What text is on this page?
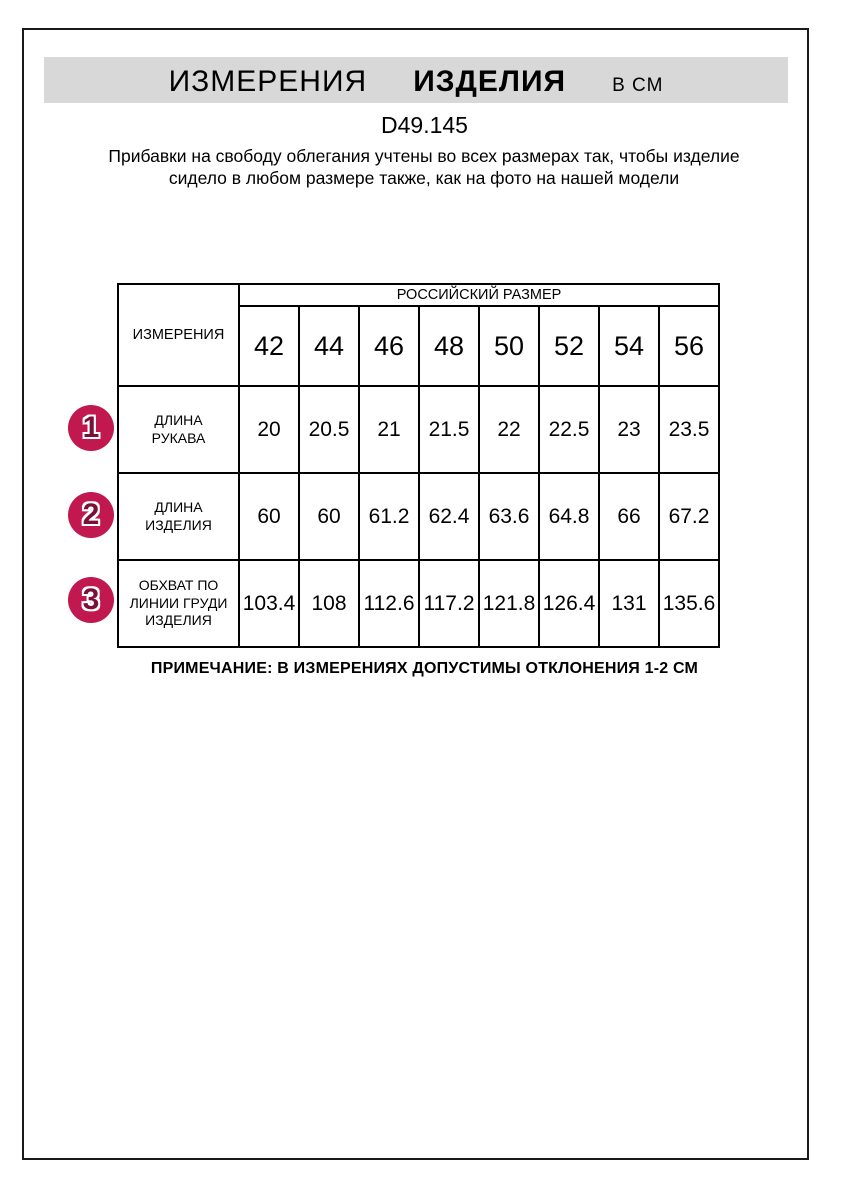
ИЗМЕРЕНИЯ ИЗДЕЛИЯ В СМ
D49.145
Прибавки на свободу облегания учтены во всех размерах так, чтобы изделие сидело в любом размере также, как на фото на нашей модели
ИЗМЕРЕНИЯ	РОССИЙСКИЙ РАЗМЕР							
	42	44	46	48	50	52	54	56
ДЛИНА РУКАВА	20	20.5	21	21.5	22	22.5	23	23.5
ДЛИНА ИЗДЕЛИЯ	60	60	61.2	62.4	63.6	64.8	66	67.2
ОБХВАТ ПО ЛИНИИ ГРУДИ ИЗДЕЛИЯ	103.4	108	112.6	117.2	121.8	126.4	131	135.6
1
2
3
ПРИМЕЧАНИЕ: В ИЗМЕРЕНИЯХ ДОПУСТИМЫ ОТКЛОНЕНИЯ 1-2 СМ
